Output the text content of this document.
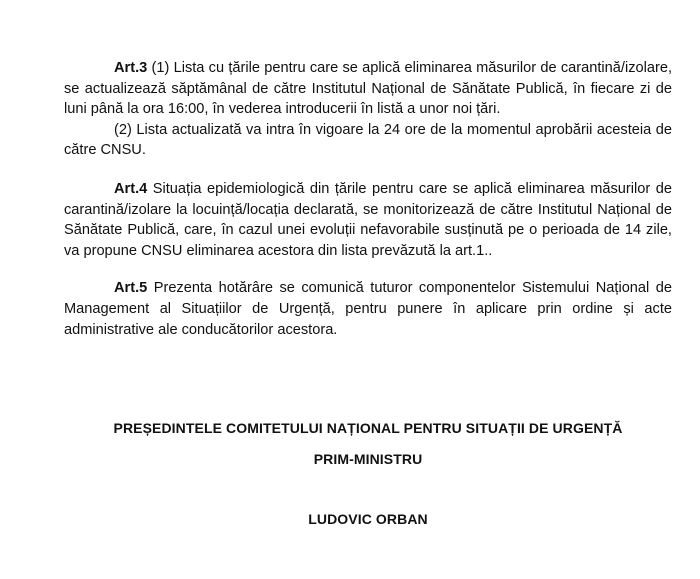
Art.3 (1) Lista cu țările pentru care se aplică eliminarea măsurilor de carantină/izolare, se actualizează săptămânal de către Institutul Național de Sănătate Publică, în fiecare zi de luni până la ora 16:00, în vederea introducerii în listă a unor noi țări.

(2) Lista actualizată va intra în vigoare la 24 ore de la momentul aprobării acesteia de către CNSU.

Art.4 Situația epidemiologică din țările pentru care se aplică eliminarea măsurilor de carantină/izolare la locuință/locația declarată, se monitorizează de către Institutul Național de Sănătate Publică, care, în cazul unei evoluții nefavorabile susținută pe o perioada de 14 zile, va propune CNSU eliminarea acestora din lista prevăzută la art.1..

Art.5 Prezenta hotărâre se comunică tuturor componentelor Sistemului Național de Management al Situațiilor de Urgență, pentru punere în aplicare prin ordine și acte administrative ale conducătorilor acestora.

PREȘEDINTELE COMITETULUI NAȚIONAL PENTRU SITUAȚII DE URGENȚĂ
PRIM-MINISTRU
LUDOVIC ORBAN
